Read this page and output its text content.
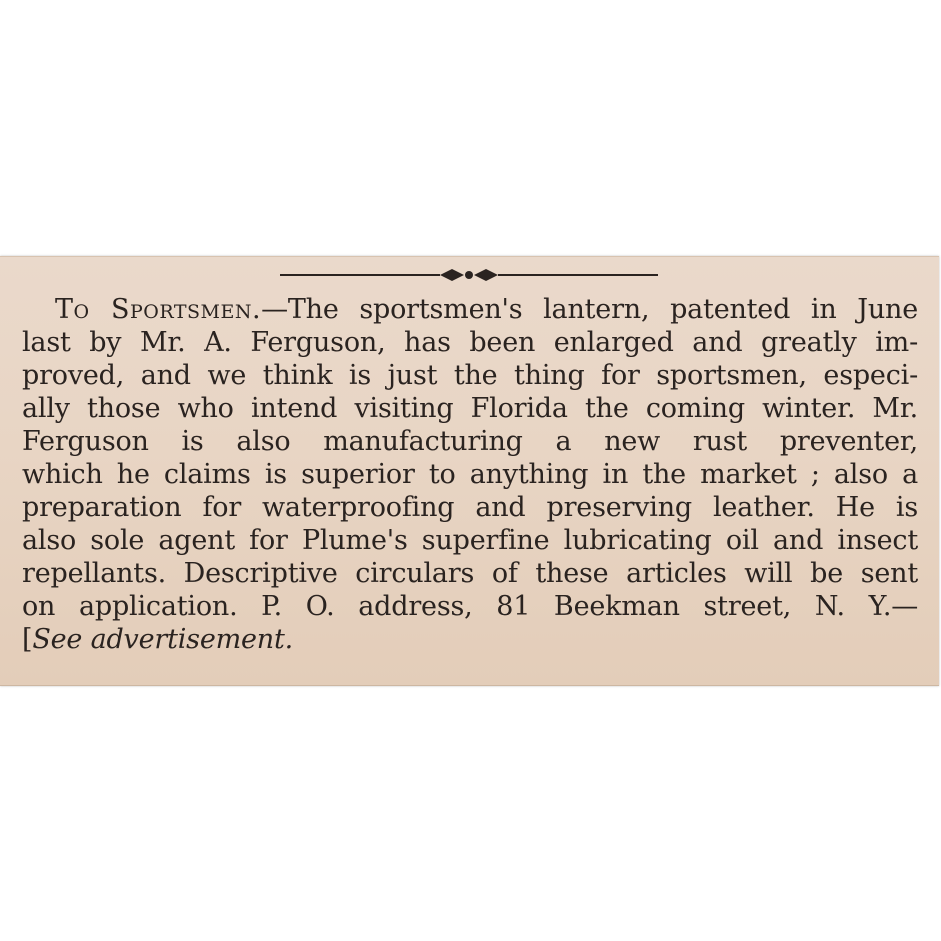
To Sportsmen.—The sportsmen's lantern, patented in June
last by Mr. A. Ferguson, has been enlarged and greatly im-
proved, and we think is just the thing for sportsmen, especi-
ally those who intend visiting Florida the coming winter. Mr.
Ferguson is also manufacturing a new rust preventer,
which he claims is superior to anything in the market ; also a
preparation for waterproofing and preserving leather. He is
also sole agent for Plume's superfine lubricating oil and insect
repellants. Descriptive circulars of these articles will be sent
on application. P. O. address, 81 Beekman street, N. Y.—
[See advertisement.
